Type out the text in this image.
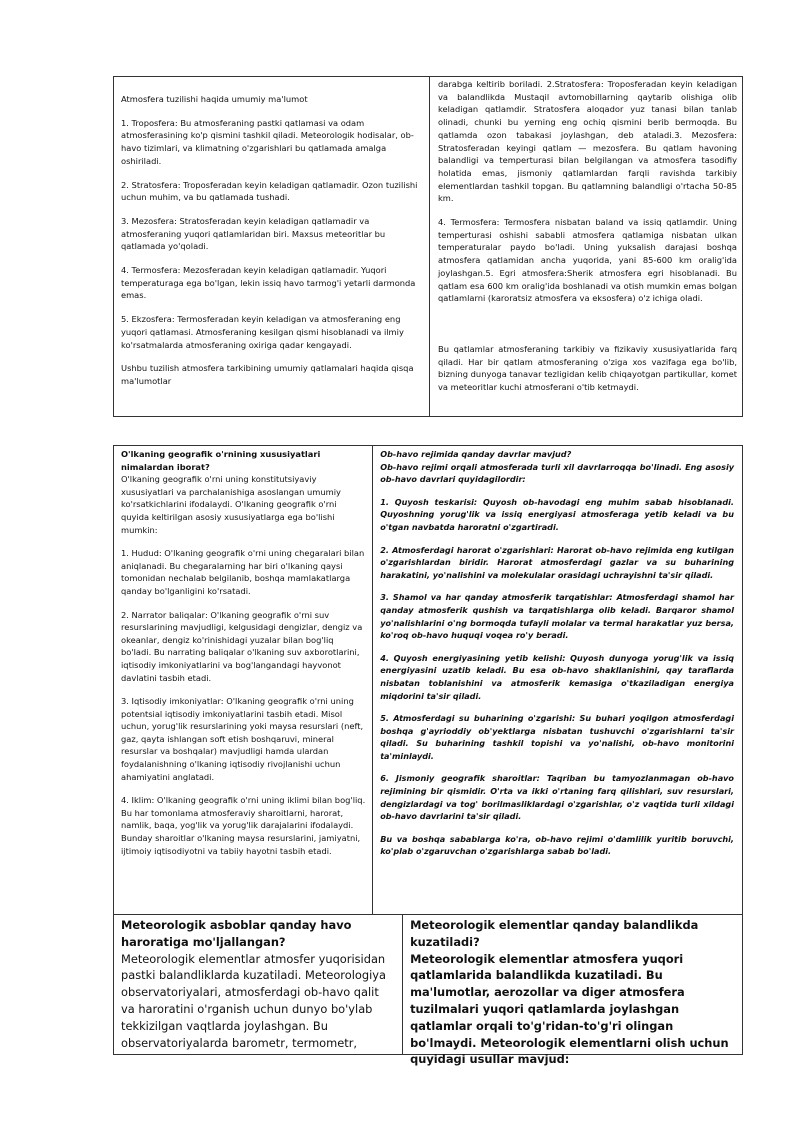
Atmosfera tuzilishi haqida umumiy ma'lumot

1. Troposfera: Bu atmosferaning pastki qatlamasi va odam atmosferasining ko'p qismini tashkil qiladi. Meteorologik hodisalar, ob-havo tizimlari, va klimatning o'zgarishlari bu qatlamada amalga oshiriladi.

2. Stratosfera: Troposferadan keyin keladigan qatlamadir. Ozon tuzilishi uchun muhim, va bu qatlamada tushadi.

3. Mezosfera: Stratosferadan keyin keladigan qatlamadir va atmosferaning yuqori qatlamlaridan biri. Maxsus meteoritlar bu qatlamada yo'qoladi.

4. Termosfera: Mezosferadan keyin keladigan qatlamadir. Yuqori temperaturaga ega bo'lgan, lekin issiq havo tarmog'i yetarli darmonda emas.

5. Ekzosfera: Termosferadan keyin keladigan va atmosferaning eng yuqori qatlamasi. Atmosferaning kesilgan qismi hisoblanadi va ilmiy ko'rsatmalarda atmosferaning oxiriga qadar kengayadi.

Ushbu tuzilish atmosfera tarkibining umumiy qatlamalari haqida qisqa ma'lumotlar

darabga keltirib boriladi. 2.Stratosfera: Troposferadan keyin keladigan va balandlikda Mustaqil avtomobillarning qaytarib olishiga olib keladigan qatlamdir. Stratosfera aloqador yuz tanasi bilan tanlab olinadi, chunki bu yerning eng ochiq qismini berib bermoqda. Bu qatlamda ozon tabakasi joylashgan, deb ataladi.3. Mezosfera: Stratosferadan keyingi qatlam — mezosfera. Bu qatlam havoning balandligi va temperturasi bilan belgilangan va atmosfera tasodifiy holatida emas, jismoniy qatlamlardan farqli ravishda tarkibiy elementlardan tashkil topgan. Bu qatlamning balandligi o'rtacha 50-85 km.

4. Termosfera: Termosfera nisbatan baland va issiq qatlamdir. Uning temperturasi oshishi sababli atmosfera qatlamiga nisbatan ulkan temperaturalar paydo bo'ladi. Uning yuksalish darajasi boshqa atmosfera qatlamidan ancha yuqorida, yani 85-600 km oralig'ida joylashgan.5. Egri atmosfera:Sherik atmosfera egri hisoblanadi. Bu qatlam esa 600 km oralig'ida boshlanadi va otish mumkin emas bolgan qatlamlarni (karoratsiz atmosfera va eksosfera) o'z ichiga oladi.

Bu qatlamlar atmosferaning tarkibiy va fizikaviy xususiyatlarida farq qiladi. Har bir qatlam atmosferaning o'ziga xos vazifaga ega bo'lib, bizning dunyoga tanavar tezligidan kelib chiqayotgan partikullar, komet va meteoritlar kuchi atmosferani o'tib ketmaydi.

O'lkaning geografik o'rnining xususiyatlari nimalardan iborat?

O'lkaning geografik o'rni uning konstitutsiyaviy xususiyatlari va parchalanishiga asoslangan umumiy ko'rsatkichlarini ifodalaydi. O'lkaning geografik o'rni quyida keltirilgan asosiy xususiyatlarga ega bo'lishi mumkin:

1. Hudud: O'lkaning geografik o'rni uning chegaralari bilan aniqlanadi. Bu chegaralarning har biri o'lkaning qaysi tomonidan nechalab belgilanib, boshqa mamlakatlarga qanday bo'lganligini ko'rsatadi.

2. Narrator baliqalar: O'lkaning geografik o'rni suv resurslarining mavjudligi, kelgusidagi dengizlar, dengiz va okeanlar, dengiz ko'rinishidagi yuzalar bilan bog'liq bo'ladi. Bu narrating baliqalar o'lkaning suv axborotlarini, iqtisodiy imkoniyatlarini va bog'langandagi hayvonot davlatini tasbih etadi.

3. Iqtisodiy imkoniyatlar: O'lkaning geografik o'rni uning potentsial iqtisodiy imkoniyatlarini tasbih etadi. Misol uchun, yorug'lik resurslarining yoki maysa resurslari (neft, gaz, qayta ishlangan soft etish boshqaruvi, mineral resurslar va boshqalar) mavjudligi hamda ulardan foydalanishning o'lkaning iqtisodiy rivojlanishi uchun ahamiyatini anglatadi.

4. Iklim: O'lkaning geografik o'rni uning iklimi bilan bog'liq. Bu har tomonlama atmosferaviy sharoitlarni, harorat, namlik, baqa, yog'lik va yorug'lik darajalarini ifodalaydi. Bunday sharoitlar o'lkaning maysa resurslarini, jamiyatni, ijtimoiy iqtisodiyotni va tabiiy hayotni tasbih etadi.

Ob-havo rejimida qanday davrlar mavjud?

Ob-havo rejimi orqali atmosferada turli xil davrlarroqqa bo'linadi. Eng asosiy ob-havo davrlari quyidagilordir:

1. Quyosh teskarisi: Quyosh ob-havodagi eng muhim sabab hisoblanadi. Quyoshning yorug'lik va issiq energiyasi atmosferaga yetib keladi va bu o'tgan navbatda haroratni o'zgartiradi.

2. Atmosferdagi harorat o'zgarishlari: Harorat ob-havo rejimida eng kutilgan o'zgarishlardan biridir. Harorat atmosferdagi gazlar va su buharining harakatini, yo'nalishini va molekulalar orasidagi uchrayishni ta'sir qiladi.

3. Shamol va har qanday atmosferik tarqatishlar: Atmosferdagi shamol har qanday atmosferik qushish va tarqatishlarga olib keladi. Barqaror shamol yo'nalishlarini o'ng bormoqda tufayli molalar va termal harakatlar yuz bersa, ko'roq ob-havo huquqi voqea ro'y beradi.

4. Quyosh energiyasining yetib kelishi: Quyosh dunyoga yorug'lik va issiq energiyasini uzatib keladi. Bu esa ob-havo shakllanishini, qay taraflarda nisbatan toblanishini va atmosferik kemasiga o'tkaziladigan energiya miqdorini ta'sir qiladi.

5. Atmosferdagi su buharining o'zgarishi: Su buhari yoqilgon atmosferdagi boshqa g'ayrioddiy ob'yektlarga nisbatan tushuvchi o'zgarishlarni ta'sir qiladi. Su buharining tashkil topishi va yo'nalishi, ob-havo monitorini ta'minlaydi.

6. Jismoniy geografik sharoitlar: Taqriban bu tamyozlanmagan ob-havo rejimining bir qismidir. O'rta va ikki o'rtaning farq qilishlari, suv resurslari, dengizlardagi va tog' borilmasliklardagi o'zgarishlar, o'z vaqtida turli xildagi ob-havo davrlarini ta'sir qiladi.

Bu va boshqa sabablarga ko'ra, ob-havo rejimi o'damlilik yuritib boruvchi, ko'plab o'zgaruvchan o'zgarishlarga sabab bo'ladi.

Meteorologik asboblar qanday havo haroratiga mo'ljallangan?

Meteorologik elementlar atmosfer yuqorisidan pastki balandliklarda kuzatiladi. Meteorologiya observatoriyalari, atmosferdagi ob-havo qalit va haroratini o'rganish uchun dunyo bo'ylab tekkizilgan vaqtlarda joylashgan. Bu observatoriyalarda barometr, termometr,

Meteorologik elementlar qanday balandlikda kuzatiladi?

Meteorologik elementlar atmosfera yuqori qatlamlarida balandlikda kuzatiladi. Bu ma'lumotlar, aerozollar va diger atmosfera tuzilmalari yuqori qatlamlarda joylashgan qatlamlar orqali to'g'ridan-to'g'ri olingan bo'lmaydi. Meteorologik elementlarni olish uchun quyidagi usullar mavjud:
